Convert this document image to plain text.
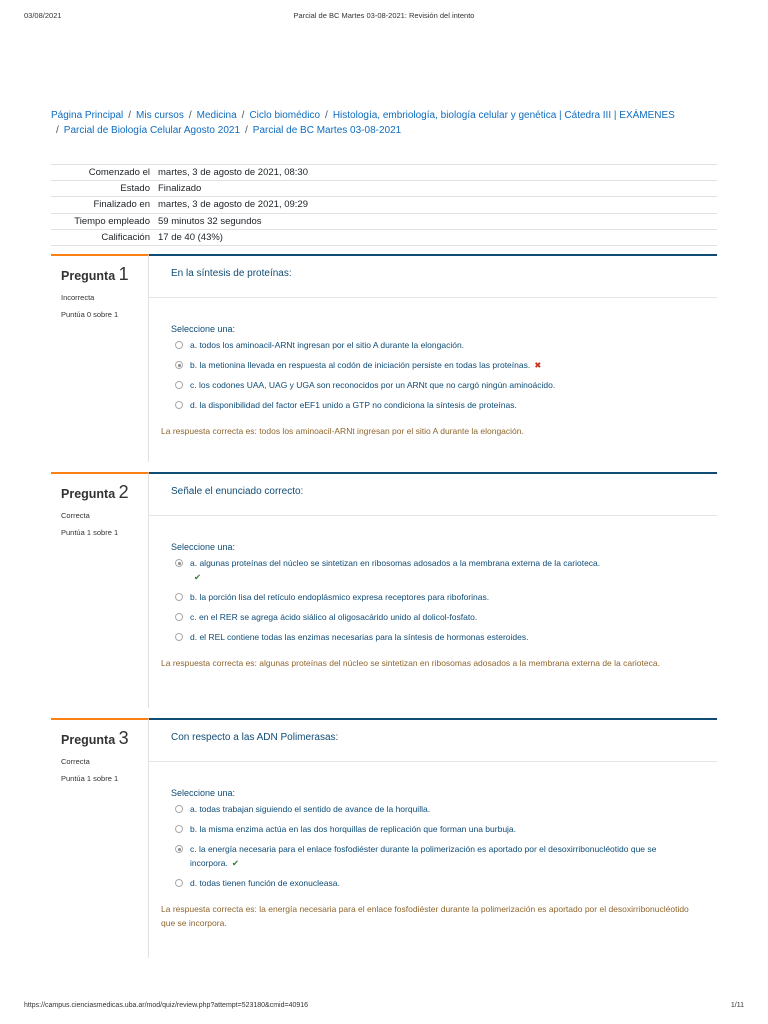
03/08/2021	Parcial de BC Martes 03-08-2021: Revisión del intento
Página Principal / Mis cursos / Medicina / Ciclo biomédico / Histología, embriología, biología celular y genética | Cátedra III | EXÁMENES
/ Parcial de Biología Celular Agosto 2021 / Parcial de BC Martes 03-08-2021
Comenzado el	martes, 3 de agosto de 2021, 08:30
Estado	Finalizado
Finalizado en	martes, 3 de agosto de 2021, 09:29
Tiempo empleado	59 minutos 32 segundos
Calificación	17 de 40 (43%)
Pregunta 1
Incorrecta
Puntúa 0 sobre 1
En la síntesis de proteínas:
Seleccione una:
a. todos los aminoacil-ARNt ingresan por el sitio A durante la elongación.
b. la metionina llevada en respuesta al codón de iniciación persiste en todas las proteínas. ✖
c. los codones UAA, UAG y UGA son reconocidos por un ARNt que no cargó ningún aminoácido.
d. la disponibilidad del factor eEF1 unido a GTP no condiciona la síntesis de proteínas.
La respuesta correcta es: todos los aminoacil-ARNt ingresan por el sitio A durante la elongación.
Pregunta 2
Correcta
Puntúa 1 sobre 1
Señale el enunciado correcto:
Seleccione una:
a. algunas proteínas del núcleo se sintetizan en ribosomas adosados a la membrana externa de la carioteca.
✔
b. la porción lisa del retículo endoplásmico expresa receptores para riboforinas.
c. en el RER se agrega ácido siálico al oligosacárido unido al dolicol-fosfato.
d. el REL contiene todas las enzimas necesarias para la síntesis de hormonas esteroides.
La respuesta correcta es: algunas proteínas del núcleo se sintetizan en ribosomas adosados a la membrana externa de la carioteca.
Pregunta 3
Correcta
Puntúa 1 sobre 1
Con respecto a las ADN Polimerasas:
Seleccione una:
a. todas trabajan siguiendo el sentido de avance de la horquilla.
b. la misma enzima actúa en las dos horquillas de replicación que forman una burbuja.
c. la energía necesaria para el enlace fosfodiéster durante la polimerización es aportado por el desoxirribonucléotido que se incorpora. ✔
d. todas tienen función de exonucleasa.
La respuesta correcta es: la energía necesaria para el enlace fosfodiéster durante la polimerización es aportado por el desoxirribonucléotido que se incorpora.
https://campus.cienciasmedicas.uba.ar/mod/quiz/review.php?attempt=523180&cmid=40916	1/11
